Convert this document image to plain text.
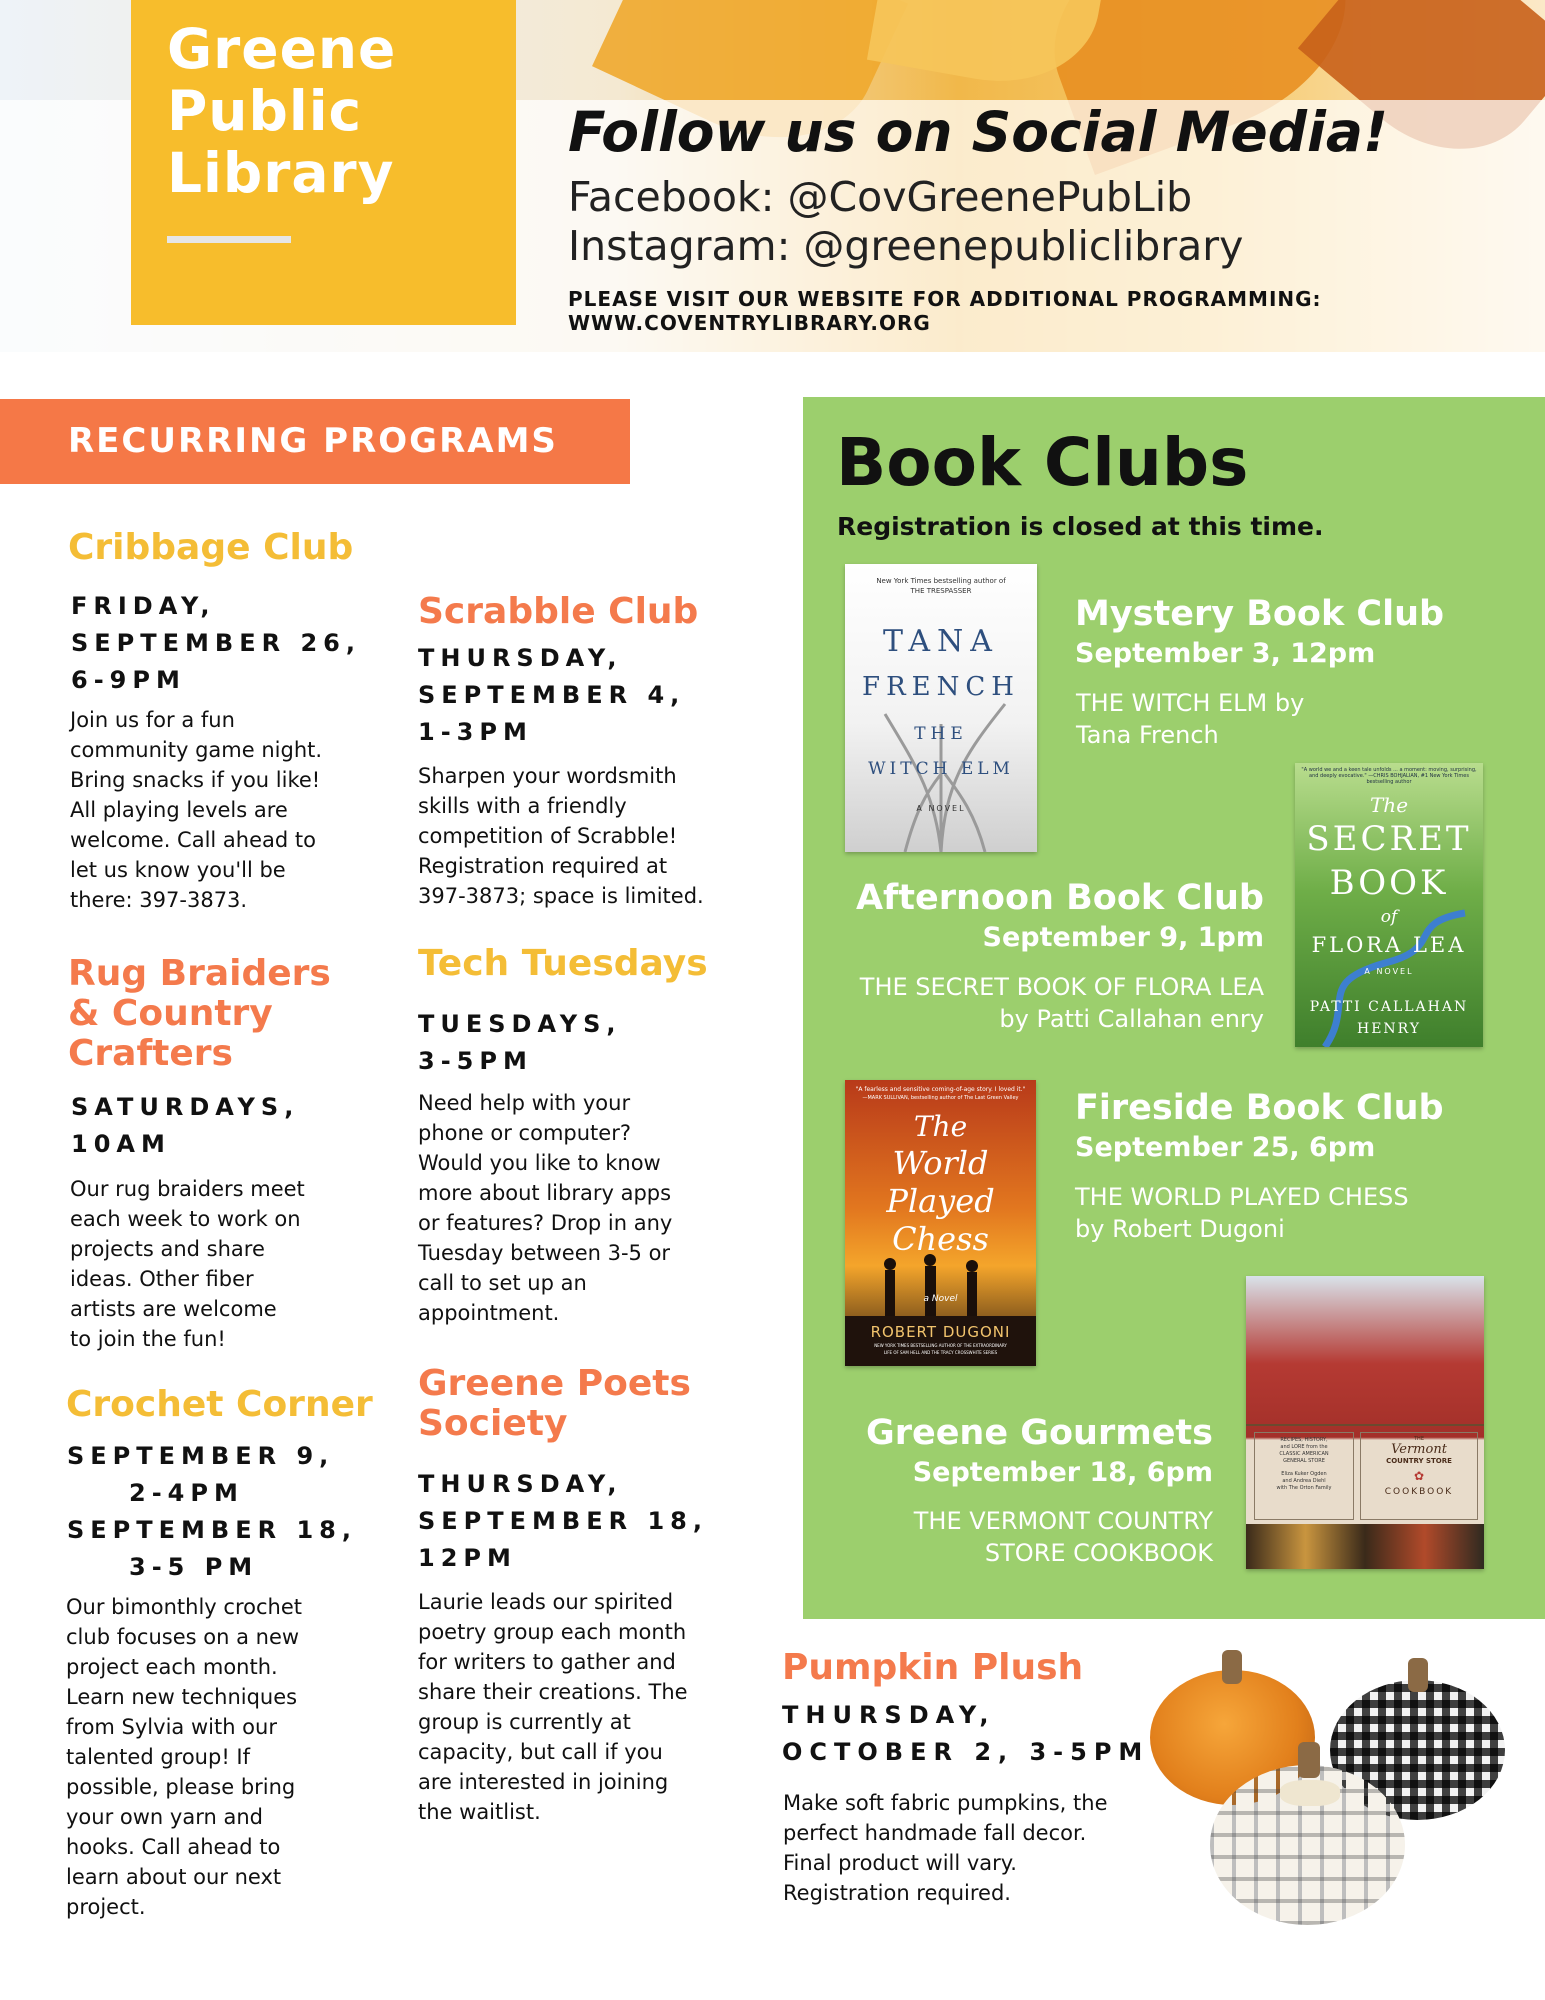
Greene
Public
Library
Follow us on Social Media!
Facebook: @CovGreenePubLib
Instagram: @greenepubliclibrary
PLEASE VISIT OUR WEBSITE FOR ADDITIONAL PROGRAMMING:
WWW.COVENTRYLIBRARY.ORG
RECURRING PROGRAMS
Cribbage Club
FRIDAY,
SEPTEMBER 26,
6-9PM
Join us for a fun
community game night.
Bring snacks if you like!
All playing levels are
welcome. Call ahead to
let us know you'll be
there: 397-3873.
Rug Braiders
& Country
Crafters
SATURDAYS,
10AM
Our rug braiders meet
each week to work on
projects and share
ideas. Other fiber
artists are welcome
to join the fun!
Crochet Corner
SEPTEMBER 9,
2-4PM
SEPTEMBER 18,
3-5 PM
Our bimonthly crochet
club focuses on a new
project each month.
Learn new techniques
from Sylvia with our
talented group! If
possible, please bring
your own yarn and
hooks. Call ahead to
learn about our next
project.
Scrabble Club
THURSDAY,
SEPTEMBER 4,
1-3PM
Sharpen your wordsmith
skills with a friendly
competition of Scrabble!
Registration required at
397-3873; space is limited.
Tech Tuesdays
TUESDAYS,
3-5PM
Need help with your
phone or computer?
Would you like to know
more about library apps
or features? Drop in any
Tuesday between 3-5 or
call to set up an
appointment.
Greene Poets
Society
THURSDAY,
SEPTEMBER 18,
12PM
Laurie leads our spirited
poetry group each month
for writers to gather and
share their creations. The
group is currently at
capacity, but call if you
are interested in joining
the waitlist.
Book Clubs
Registration is closed at this time.
New York Times bestselling author of
THE TRESPASSER
TANA
FRENCH
THE
WITCH ELM
A NOVEL
Mystery Book Club
September 3, 12pm
THE WITCH ELM by
Tana French
"A world we and a keen tale unfolds ... a moment: moving, surprising, and deeply evocative." —CHRIS BOHJALIAN, #1 New York Times bestselling author
The
SECRET
BOOK
of
FLORA LEA
A NOVEL
PATTI CALLAHAN
HENRY
Afternoon Book Club
September 9, 1pm
THE SECRET BOOK OF FLORA LEA
by Patti Callahan enry
"A fearless and sensitive coming-of-age story. I loved it."
—MARK SULLIVAN, bestselling author of The Last Green Valley
The
World
Played
Chess
a Novel
ROBERT DUGONI
NEW YORK TIMES BESTSELLING AUTHOR OF THE EXTRAORDINARY
LIFE OF SAM HELL AND THE TRACY CROSSWHITE SERIES
Fireside Book Club
September 25, 6pm
THE WORLD PLAYED CHESS
by Robert Dugoni
RECIPES, HISTORY,
and LORE from the
CLASSIC AMERICAN
GENERAL STORE
Eliza Kuker Ogden
and Andrea Diehl
with The Orton Family
THE
Vermont
COUNTRY STORE
✿
COOKBOOK
Greene Gourmets
September 18, 6pm
THE VERMONT COUNTRY
STORE COOKBOOK
Pumpkin Plush
THURSDAY,
OCTOBER 2, 3-5PM
Make soft fabric pumpkins, the
perfect handmade fall decor.
Final product will vary.
Registration required.
